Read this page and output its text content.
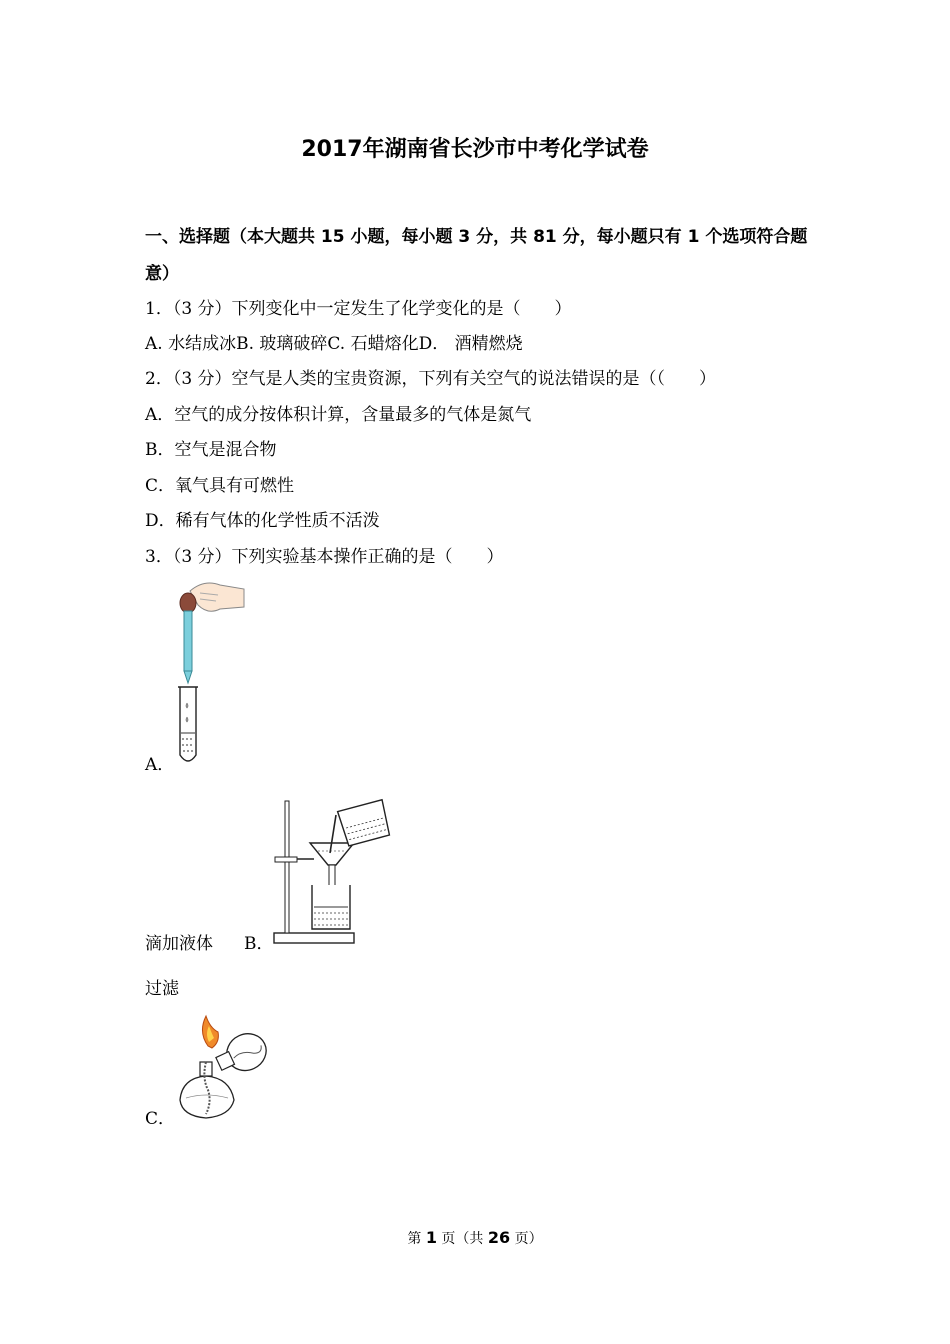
2017年湖南省长沙市中考化学试卷
一、选择题（本大题共 15 小题，每小题 3 分，共 81 分，每小题只有 1 个选项符合题
意）
1．（3 分）下列变化中一定发生了化学变化的是（　　）
A. 水结成冰B. 玻璃破碎C. 石蜡熔化D． 酒精燃烧
2．（3 分）空气是人类的宝贵资源，下列有关空气的说法错误的是（（　　）
A．空气的成分按体积计算，含量最多的气体是氮气
B．空气是混合物
C．氧气具有可燃性
D．稀有气体的化学性质不活泼
3．（3 分）下列实验基本操作正确的是（　　）
A．
滴加液体 B．
过滤
C．
第 1 页（共 26 页）
